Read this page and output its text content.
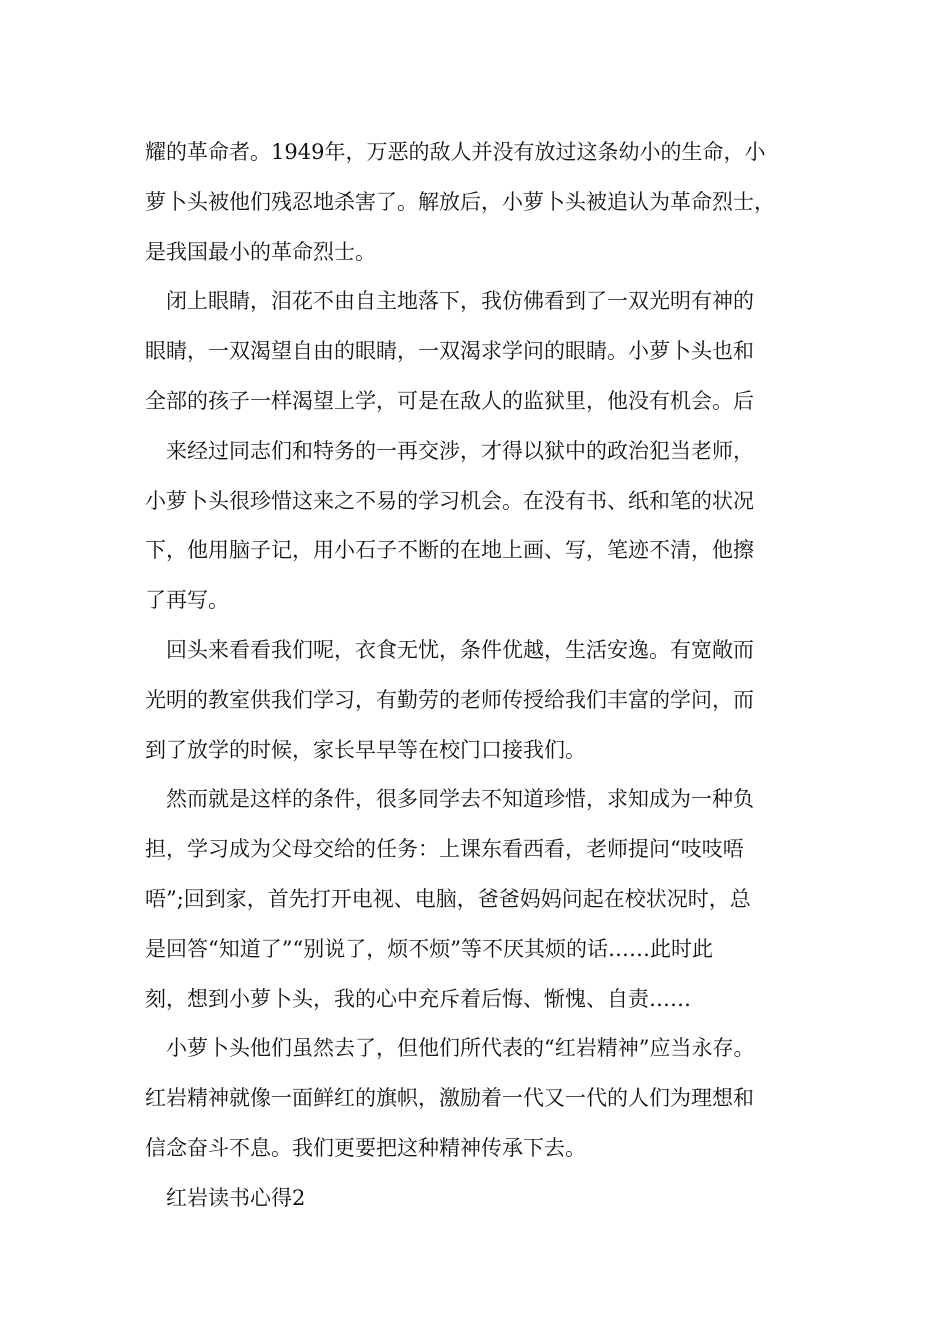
耀的革命者。1949年，万恶的敌人并没有放过这条幼小的生命，小
萝卜头被他们残忍地杀害了。解放后，小萝卜头被追认为革命烈士，
是我国最小的革命烈士。
闭上眼睛，泪花不由自主地落下，我仿佛看到了一双光明有神的
眼睛，一双渴望自由的眼睛，一双渴求学问的眼睛。小萝卜头也和
全部的孩子一样渴望上学，可是在敌人的监狱里，他没有机会。后
来经过同志们和特务的一再交涉，才得以狱中的政治犯当老师，
小萝卜头很珍惜这来之不易的学习机会。在没有书、纸和笔的状况
下，他用脑子记，用小石子不断的在地上画、写，笔迹不清，他擦
了再写。
回头来看看我们呢，衣食无忧，条件优越，生活安逸。有宽敞而
光明的教室供我们学习，有勤劳的老师传授给我们丰富的学问，而
到了放学的时候，家长早早等在校门口接我们。
然而就是这样的条件，很多同学去不知道珍惜，求知成为一种负
担，学习成为父母交给的任务：上课东看西看，老师提问“吱吱唔
唔”;回到家，首先打开电视、电脑，爸爸妈妈问起在校状况时，总
是回答“知道了”“别说了，烦不烦”等不厌其烦的话……此时此
刻，想到小萝卜头，我的心中充斥着后悔、惭愧、自责……
小萝卜头他们虽然去了，但他们所代表的“红岩精神”应当永存。
红岩精神就像一面鲜红的旗帜，激励着一代又一代的人们为理想和
信念奋斗不息。我们更要把这种精神传承下去。
红岩读书心得2
